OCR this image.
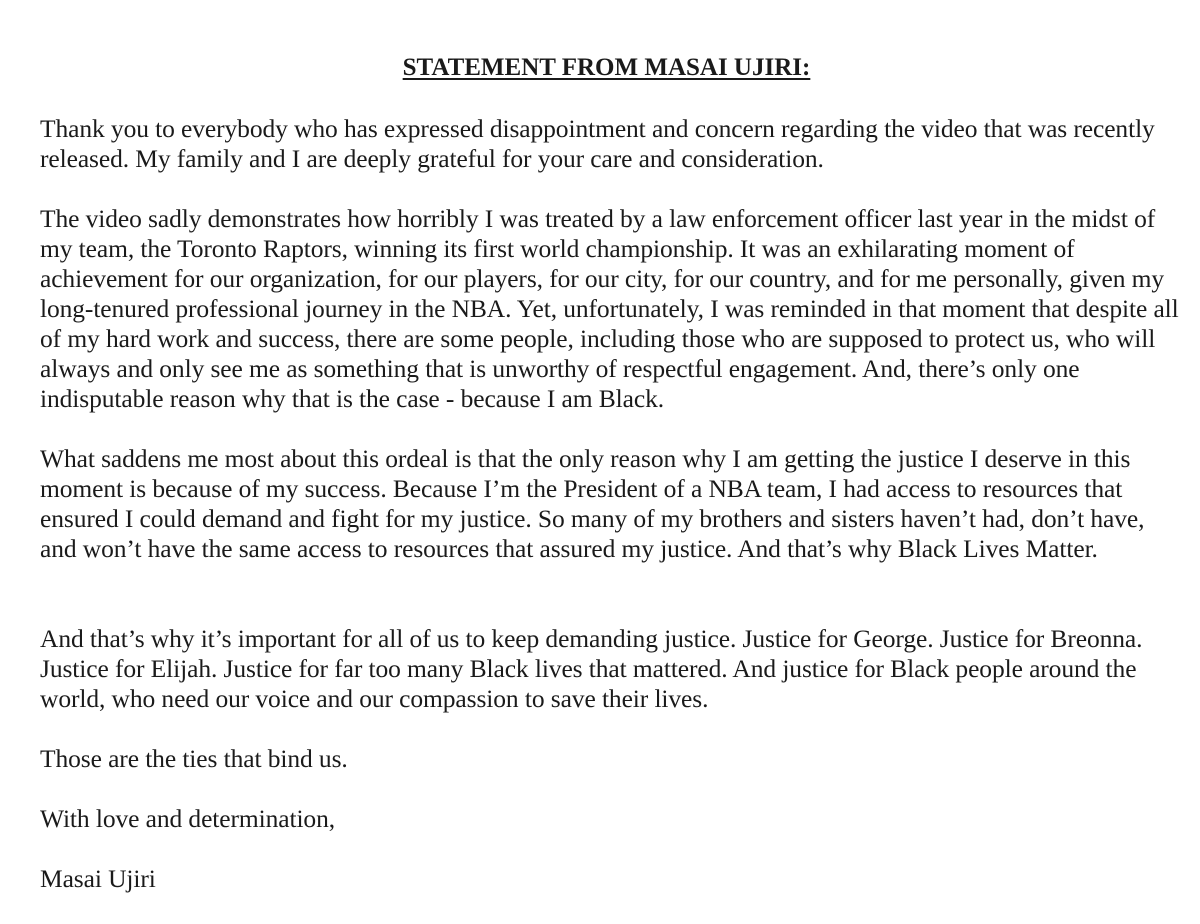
STATEMENT FROM MASAI UJIRI:

Thank you to everybody who has expressed disappointment and concern regarding the video that was recently released. My family and I are deeply grateful for your care and consideration.

The video sadly demonstrates how horribly I was treated by a law enforcement officer last year in the midst of my team, the Toronto Raptors, winning its first world championship. It was an exhilarating moment of achievement for our organization, for our players, for our city, for our country, and for me personally, given my long-tenured professional journey in the NBA. Yet, unfortunately, I was reminded in that moment that despite all of my hard work and success, there are some people, including those who are supposed to protect us, who will always and only see me as something that is unworthy of respectful engagement. And, there’s only one indisputable reason why that is the case - because I am Black.

What saddens me most about this ordeal is that the only reason why I am getting the justice I deserve in this moment is because of my success. Because I’m the President of a NBA team, I had access to resources that ensured I could demand and fight for my justice. So many of my brothers and sisters haven’t had, don’t have, and won’t have the same access to resources that assured my justice. And that’s why Black Lives Matter.

And that’s why it’s important for all of us to keep demanding justice. Justice for George. Justice for Breonna. Justice for Elijah. Justice for far too many Black lives that mattered. And justice for Black people around the world, who need our voice and our compassion to save their lives.

Those are the ties that bind us.

With love and determination,

Masai Ujiri
